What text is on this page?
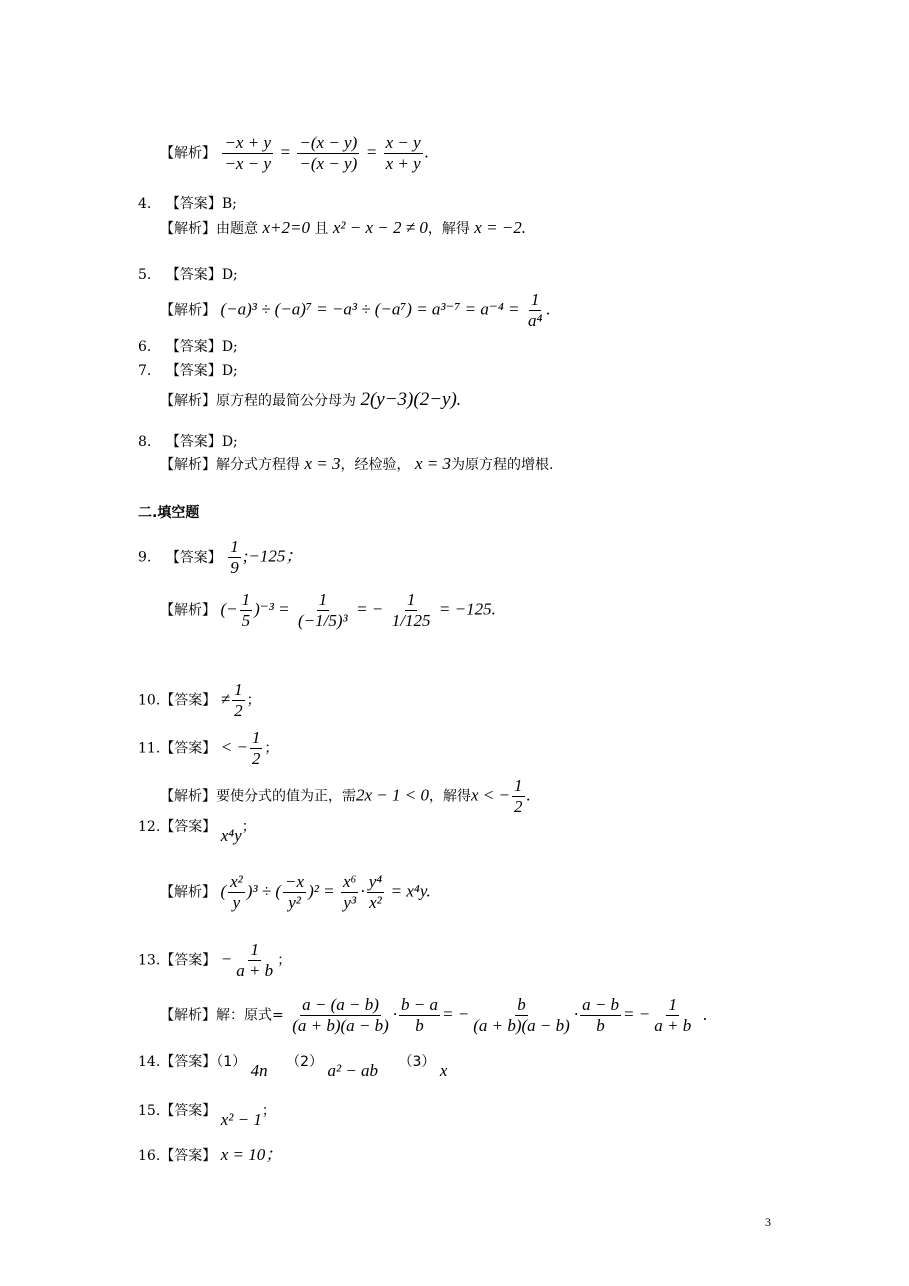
【解析】 $\frac{-x + y}{-x - y} = \frac{-(x - y)}{-(x - y)} = \frac{x - y}{x + y}$ .
4. 【答案】B;
【解析】由题意 x+2=0 且 x² − x − 2 ≠ 0，解得 x = −2.
5. 【答案】D;
【解析】 $(-a)^3 \div (-a)^7 = -a^3 \div (-a^7) = a^{3-7} = a^{-4} = \frac{1}{\text{a⁴}}$ .
6. 【答案】D;
7. 【答案】D;
【解析】原方程的最简公分母为 2(y−3)(2−y).
8. 【答案】D;
【解析】解分式方程得 x = 3，经检验， x = 3为原方程的增根.
二.填空题
9. 【答案】 $\frac{1}{9}$ ;−125；
【解析】 (− $\frac{1}{5} )^{-3} = \frac{1}{\text{(−1/5)³}}$ = − $\frac{1}{1/125} = -125$.
10.【答案】 ≠ $\frac{1}{2}$ ；
11.【答案】 < − $\frac{1}{2}$ ；
【解析】要使分式的值为正，需2x − 1 < 0，解得x < − $\frac{1}{2}$ .
12.【答案】 x⁴y；
【解析】 ( $\frac{\text{x²}}{y} )^3$ ÷ ( $\frac{-x}{\text{y²}} )^2 = \frac{\text{x⁶}}{\text{y³}} \cdot \frac{\text{y⁴}}{\text{x²}} = x^4y$.
13.【答案】 − $\frac{1}{a + b}$ ；
【解析】解：原式= $\frac{a - (a - b)}{(a + b)(a - b)} \cdot \frac{b - a}{b}$ = − $\frac{b}{(a + b)(a - b)} \cdot \frac{a - b}{b}$ = − $\frac{1}{a + b}$ .
14.【答案】（1） 4n （2） a² − ab （3） x
15.【答案】 x² − 1；
16.【答案】 x = 10；
3
